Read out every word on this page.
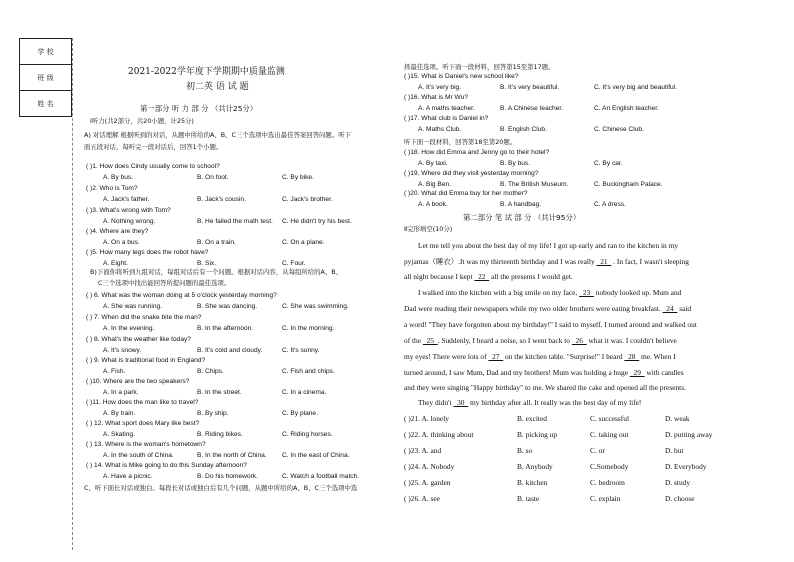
学 校
班 级
姓 名
2021-2022学年度下学期期中质量监测
初二英 语 试 题
第一部分 听 力 部 分 （共计25分）
Ⅰ听力(共2部分，共20小题，计25分)
A) 对话理解 根据听到的对话，从题中所给的A、B、C三个选项中选出最佳答案回答问题。听下
面五段对话，每听完一段对话后，回答1个小题。
B)下面你将听到九组对话，每组对话后有一个问题。根据对话内容，从每组所给的A、B、
C三个选项中找出能回答所提问题的最佳选项。
C、听下面长对话或独白。每段长对话或独白后有几个问题，从题中所给的A、B、C三个选项中选
择最佳选项。听下面一段材料，回答第15至第17题。
听下面一段材料，回答第18至第20题。
第二部分 笔 试 部 分 （共计95分）
Ⅱ完形填空(10分)
( )1. How does Cindy usually come to school?
A. By bus.	B. On foot.	C. By bike.
( )2. Who is Tom?
A. Jack's father.	B. Jack's cousin.	C. Jack's brother.
( )3. What's wrong with Tom?
A. Nothing wrong.	B. He failed the math test. C. He didn't try his best.
( )4. Where are they?
A. On a bus.	B. On a train.	C. On a plane.
( )5. How many legs does the robot have?
A. Eight.	B. Six.	C. Four.
( ) 6. What was the woman doing at 5 o'clock yesterday morning?
A. She was running.	B. She was dancing.	C. She was swimming.
( ) 7. When did the snake bite the man?
A. In the evening.	B. In the afternoon.	C. In the morning.
( ) 8. What's the weather like today?
A. It's snowy.	B. It's cold and cloudy.	C. It's sunny.
( ) 9. What is traditional food in England?
A. Fish.	B. Chips.	C. Fish and chips.
( )10. Where are the two speakers?
A. In a park.	B. In the street.	C. In a cinema.
( )11. How does the man like to travel?
A. By train.	B. By ship.	C. By plane.
( ) 12. What sport does Mary like best?
A. Skating.	B. Riding bikes.	C. Riding horses.
( ) 13. Where is the woman's hometown?
A. In the south of China.	B. In the north of China. C. In the east of China.
( ) 14. What is Mike going to do this Sunday afternoon?
A. Have a picnic.	B. Do his homework.	C. Watch a football match.
( )15. What is Daniel's new school like?
A. It's very big.	B. It's very beautiful.	C. It's very big and beautiful.
( )16. What is Mr Wu?
A. A maths teacher.	B. A Chinese teacher.	C. An English teacher.
( )17. What club is Daniel in?
A. Maths Club.	B. English Club.	C. Chinese Club.
( )18. How did Emma and Jenny go to their hotel?
A. By taxi.	B. By bus.	C. By car.
( )19. Where did they visit yesterday morning?
A. Big Ben.	B. The British Museum.	C. Buckingham Palace.
( )20. What did Emma buy for her mother?
A. A book.	B. A handbag.	C. A dress.
Let me tell you about the best day of my life! I got up early and ran to the kitchen in my
pyjamas（睡衣）.It was my thirteenth birthday and I was really   21   . In fact, I wasn't sleeping
all night because I kept   22   all the presents I would get.
I walked into the kitchen with a big smile on my face,   23   nobody looked up. Mum and
Dad were reading their newspapers while my two older brothers were eating breakfast.   24   said
a word! "They have forgotten about my birthday!" I said to myself. I turned around and walked out
of the   25  . Suddenly, I heard a noise, so I went back to   26   what it was. I couldn't believe
my eyes! There were lots of   27   on the kitchen table. "Surprise!" I heard   28   me. When I
turned around, I saw Mum, Dad and my brothers! Mum was holding a huge   29   with candles
and they were singing "Happy birthday" to me. We shared the cake and opened all the presents.
They didn't   30   my birthday after all. It really was the best day of my life!
( )21. A. lonely	B. excited	C. successful	D. weak
( )22. A. thinking about	B. picking up	C. taking out	D. putting away
( )23. A. and	B. so	C. or	D. but
( )24. A. Nobody	B. Anybody	C.Somebody	D. Everybody
( )25. A. garden	B. kitchen	C. bedroom	D. study
( )26. A. see	B. taste	C. explain	D. choose
